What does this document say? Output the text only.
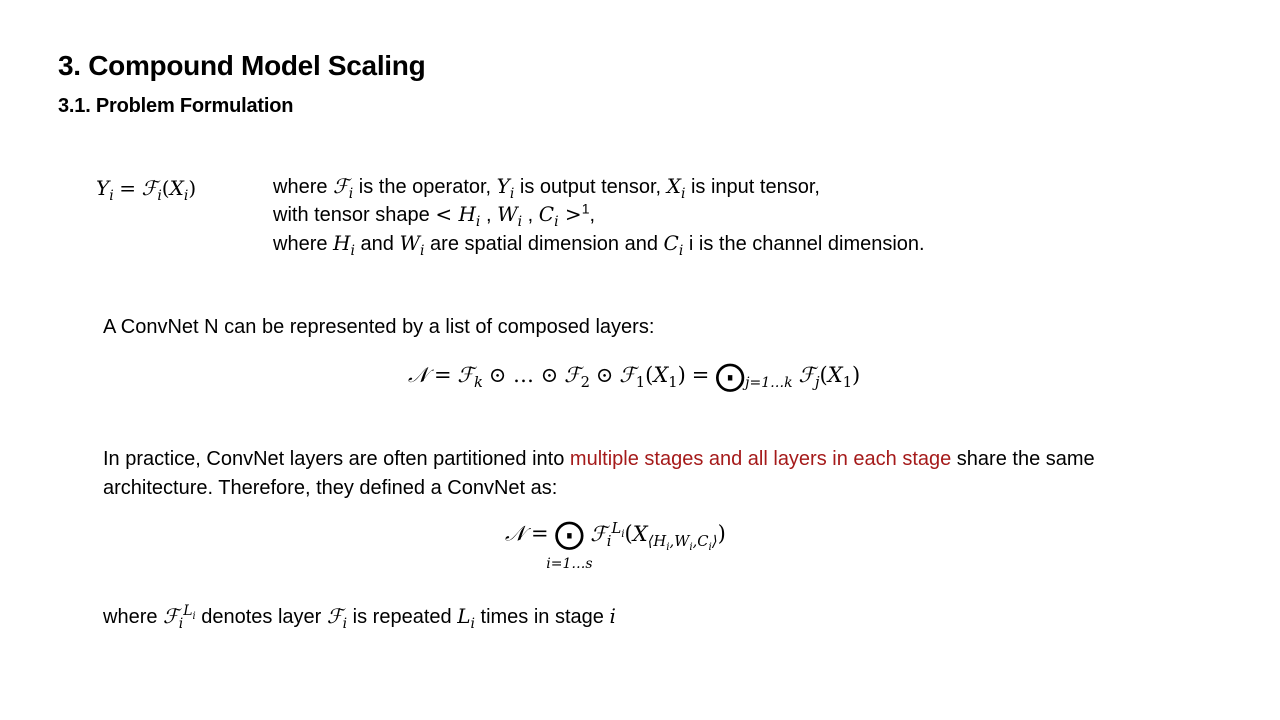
3. Compound Model Scaling
3.1. Problem Formulation
$Y_i$ = $ℱ_i(X_i)$	where ℱ$_i$ is the operator, $Y_i$ is output tensor, $X_i$ is input tensor,
with tensor shape < $H_i$ , $W_i$ , $C_i >^1$,
where $H_i$ and $W_i$ are spatial dimension and $C_i$ i is the channel dimension.
A ConvNet N can be represented by a list of composed layers:
𝒩 = ℱ$_k$ ⊙ … ⊙ ℱ$_2$ ⊙ $ℱ_1(X_1)$ = $⨀_{j=1\dots k}$ $ℱ_j(X_1)$
In practice, ConvNet layers are often partitioned into multiple stages and all layers in each stage share the same
architecture. Therefore, they defined a ConvNet as:
𝒩 = ⨀
i=1…s
$ℱ_i^{L_i}(X_{⟨H_i,W_i,C_i⟩})$
where ℱ$_i^{L_i}$ denotes layer ℱ$_i$ is repeated $L_i$ times in stage i
